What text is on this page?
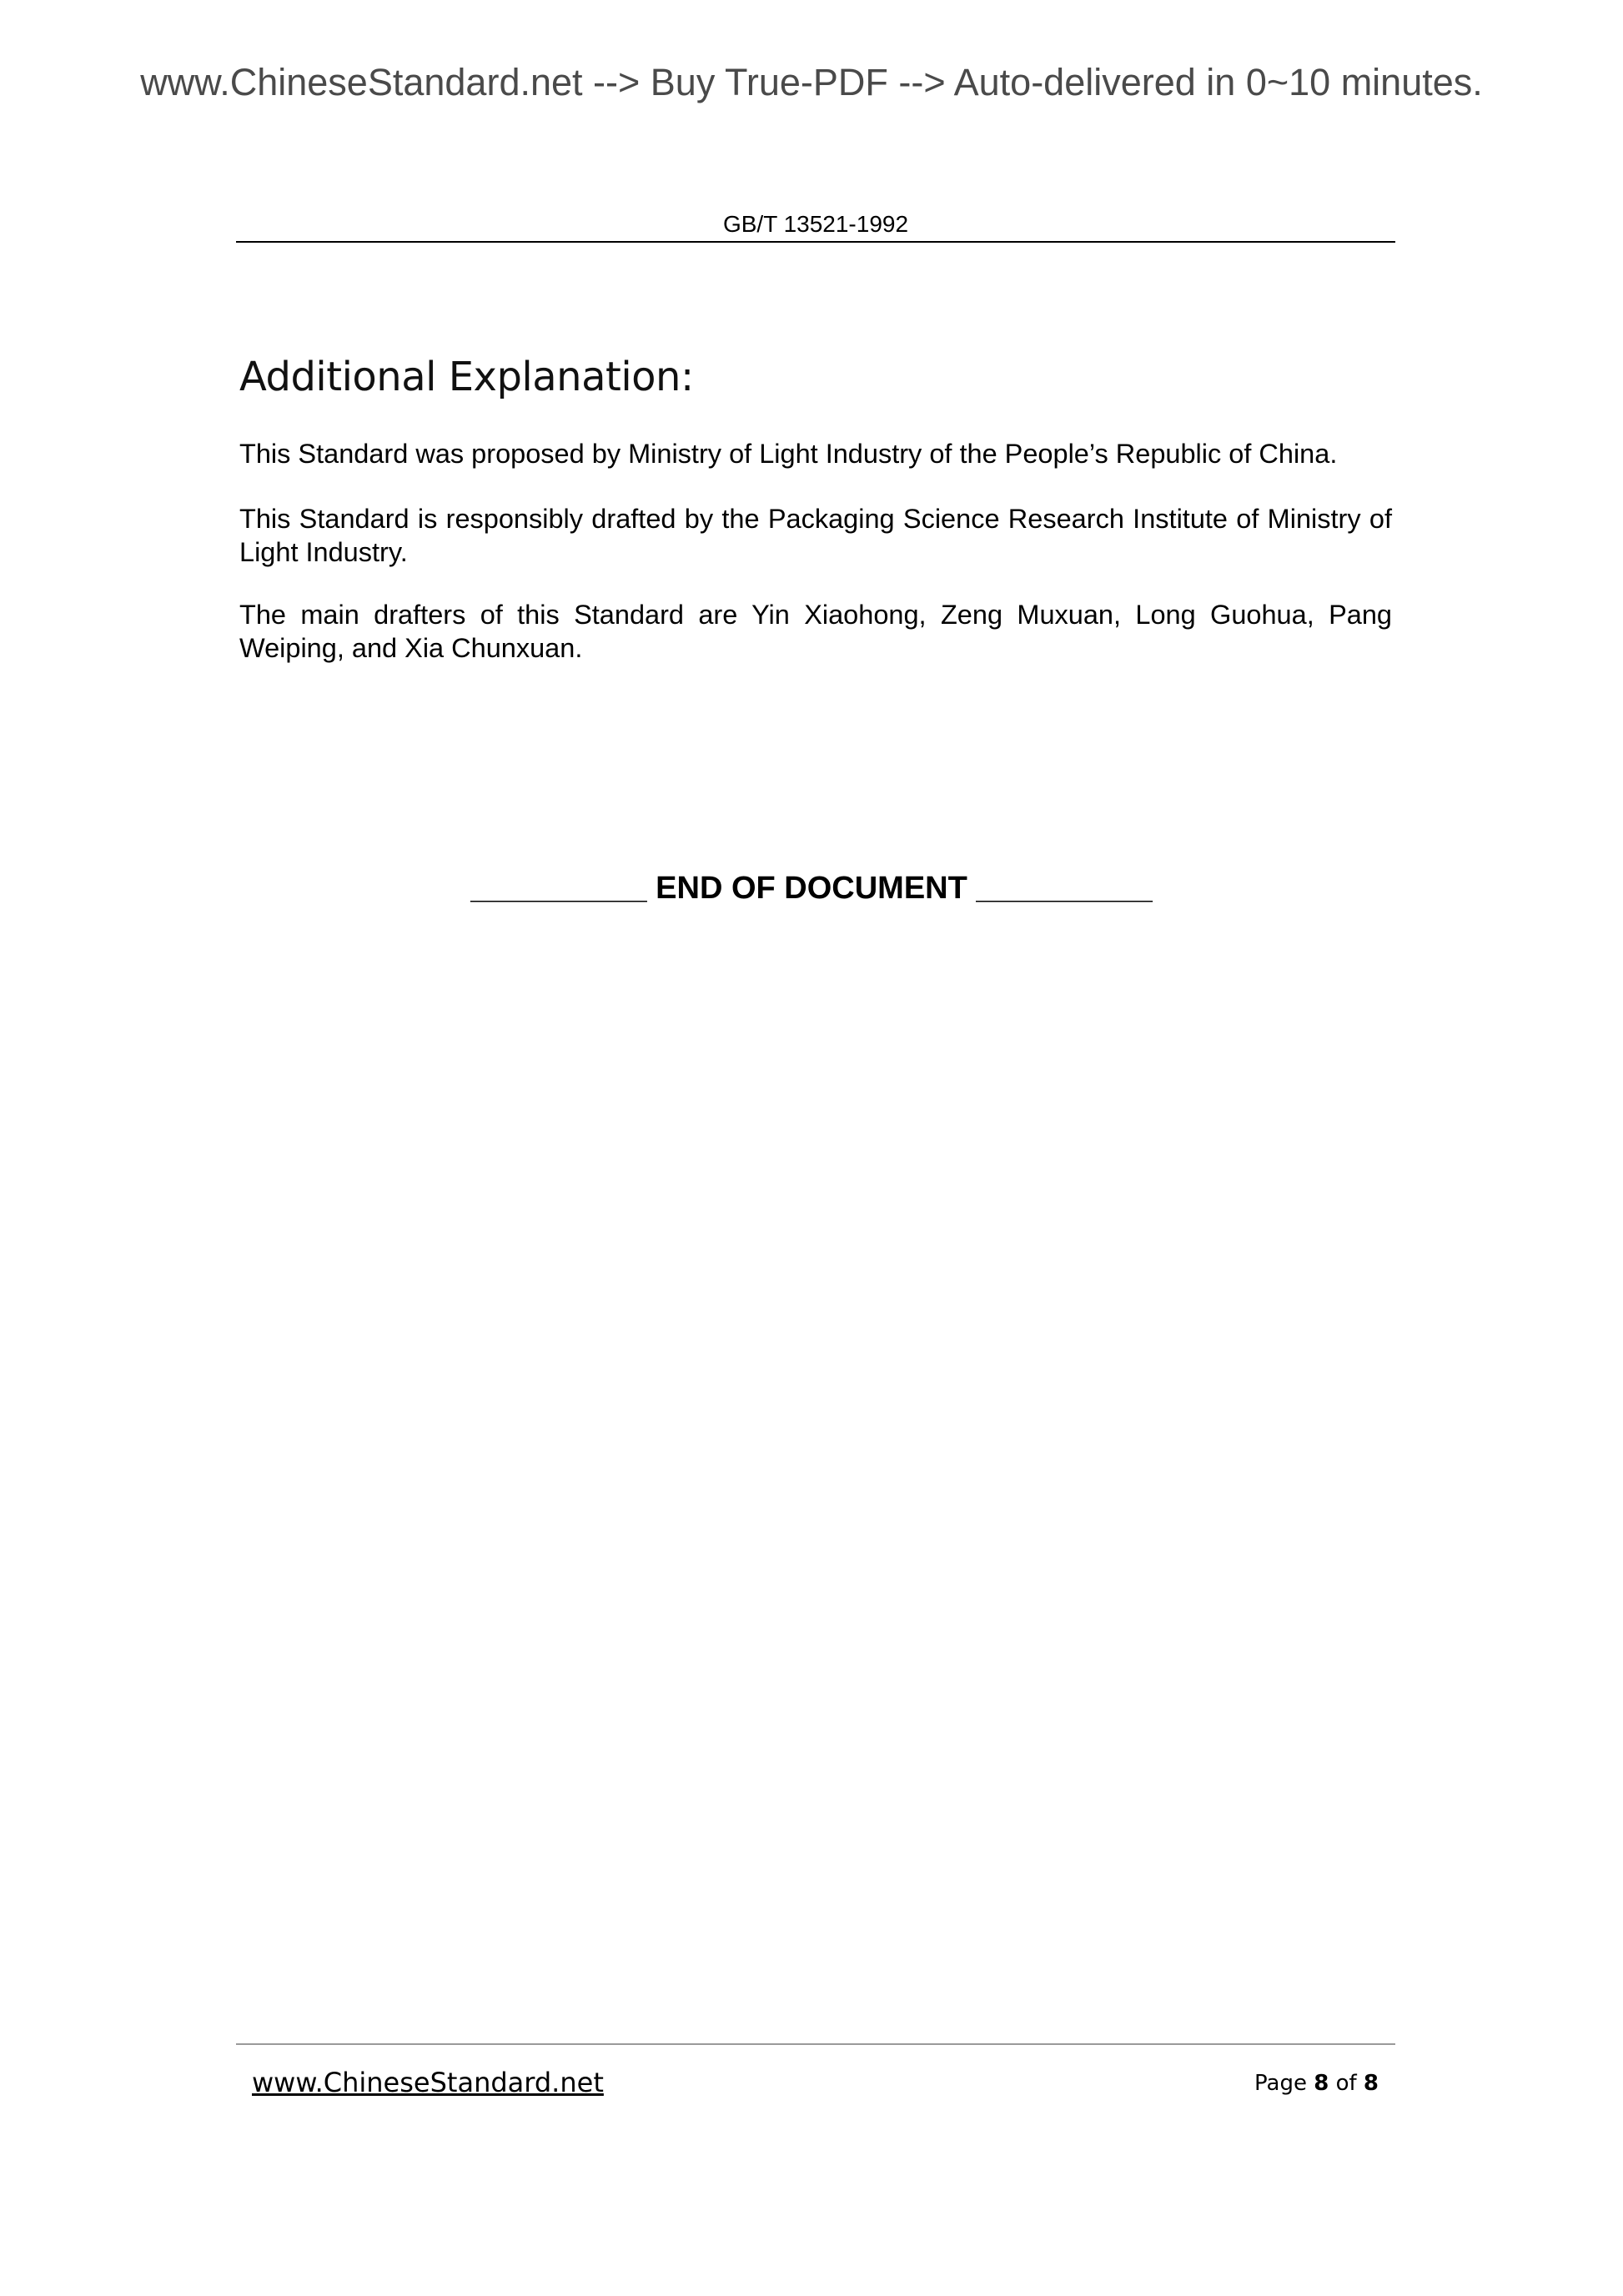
www.ChineseStandard.net --> Buy True-PDF --> Auto-delivered in 0~10 minutes.
GB/T 13521-1992
Additional Explanation:
This Standard was proposed by Ministry of Light Industry of the People’s Republic of China.
This Standard is responsibly drafted by the Packaging Science Research Institute of Ministry of Light Industry.
The main drafters of this Standard are Yin Xiaohong, Zeng Muxuan, Long Guohua, Pang Weiping, and Xia Chunxuan.
__________ END OF DOCUMENT __________
www.ChineseStandard.net	Page 8 of 8
